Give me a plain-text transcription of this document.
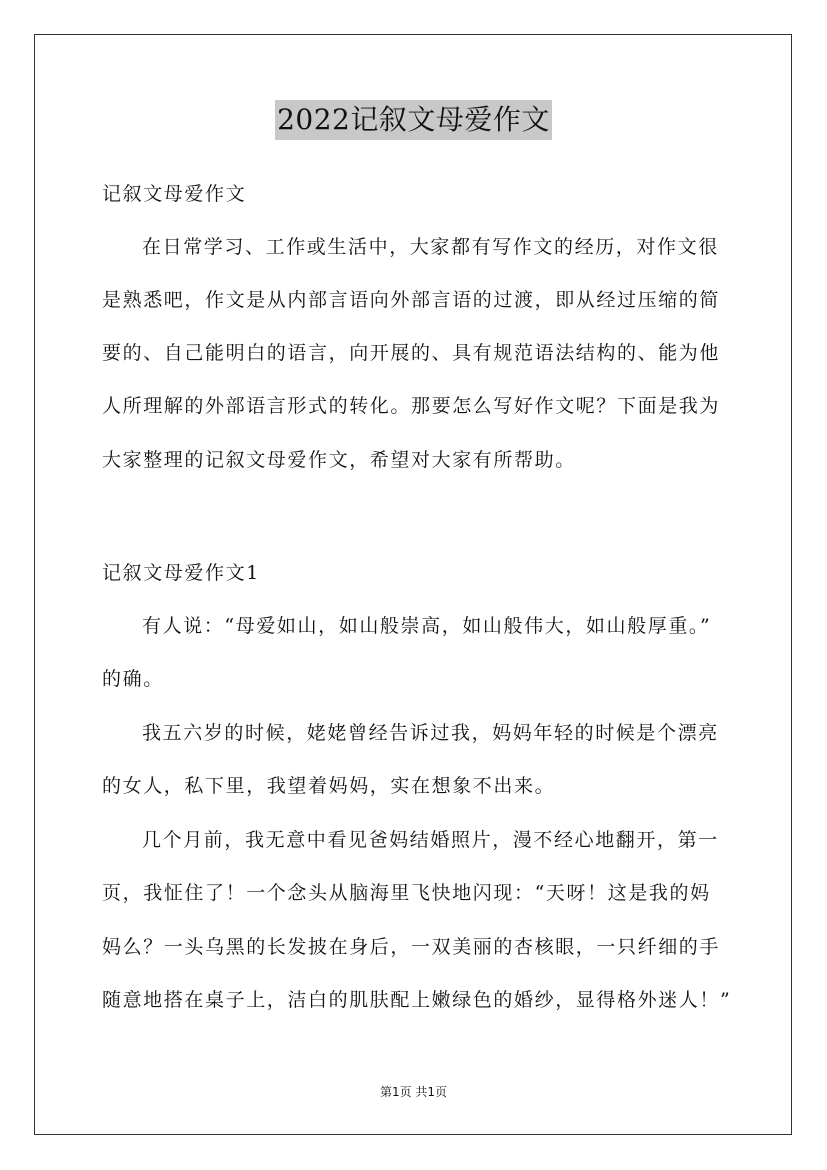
2022记叙文母爱作文
记叙文母爱作文
在日常学习、工作或生活中，大家都有写作文的经历，对作文很
是熟悉吧，作文是从内部言语向外部言语的过渡，即从经过压缩的简
要的、自己能明白的语言，向开展的、具有规范语法结构的、能为他
人所理解的外部语言形式的转化。那要怎么写好作文呢？下面是我为
大家整理的记叙文母爱作文，希望对大家有所帮助。
记叙文母爱作文1
有人说：“母爱如山，如山般崇高，如山般伟大，如山般厚重。”
的确。
我五六岁的时候，姥姥曾经告诉过我，妈妈年轻的时候是个漂亮
的女人，私下里，我望着妈妈，实在想象不出来。
几个月前，我无意中看见爸妈结婚照片，漫不经心地翻开，第一
页，我怔住了！一个念头从脑海里飞快地闪现：“天呀！这是我的妈
妈么？一头乌黑的长发披在身后，一双美丽的杏核眼，一只纤细的手
随意地搭在桌子上，洁白的肌肤配上嫩绿色的婚纱，显得格外迷人！”
第1页 共1页
